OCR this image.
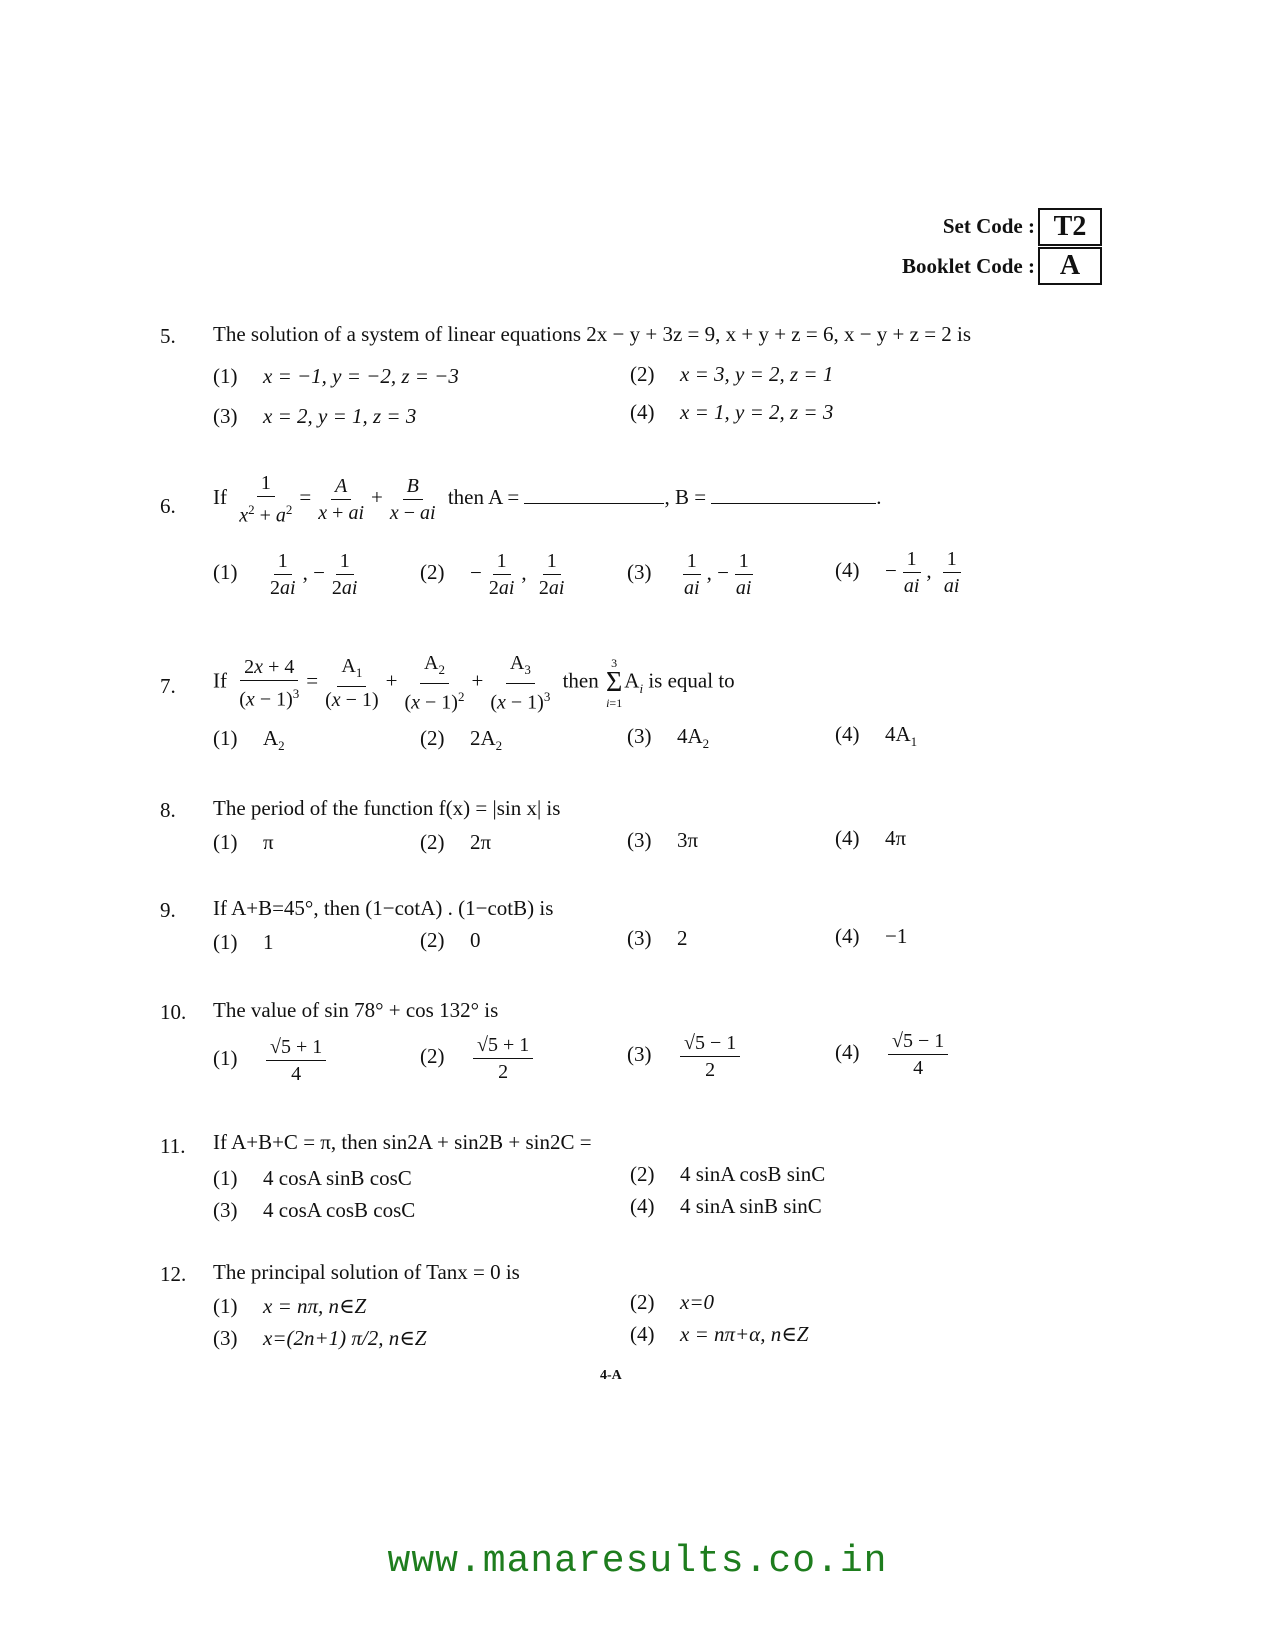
Set Code : T2
Booklet Code : A
5. The solution of a system of linear equations 2x − y + 3z = 9, x + y + z = 6, x − y + z = 2 is
(1) x = −1, y = −2, z = −3	(2) x = 3, y = 2, z = 1
(3) x = 2, y = 1, z = 3	(4) x = 1, y = 2, z = 3
6. If $\frac{1}{x^2 + a^2} = \frac{A}{x + ai} + \frac{B}{x - ai}$ then A =	, B =	.
$(1) \frac{1}{2ai}$ , − $\frac{1}{2ai}$	$(2) - \frac{1}{2ai}$ , $\frac{1}{2ai}$	$(3) \frac{1}{ai}$ , − $\frac{1}{ai}$	$(4) - \frac{1}{ai}$ , $\frac{1}{ai}$
7. If $\frac{2x + 4}{(x - 1)^3} = \frac{A_1}{(x - 1)} + \frac{A_2}{(x - 1)^2} + \frac{A_3}{(x - 1)^3}$ then
3
Σ
i=1
$A_i$ is equal to
(1) $A_2$	(2) $2A_2$	(3) $4A_2$	(4) $4A_1$
8. The period of the function f(x) = |sin x| is
(1) π	(2) 2π	(3) 3π	(4) 4π
9. If A+B=45°, then (1−cotA) . (1−cotB) is
(1) 1	(2) 0	(3) 2	(4) −1
10. The value of sin 78° + cos 132° is
$(1) \frac{√5 + 1}{4}$	$(2) \frac{√5 + 1}{2}$	$(3) \frac{√5 - 1}{2}$	$(4) \frac{√5 - 1}{4}$
11. If A+B+C = π, then sin2A + sin2B + sin2C =
(1) 4 cosA sinB cosC	(2) 4 sinA cosB sinC
(3) 4 cosA cosB cosC	(4) 4 sinA sinB sinC
12. The principal solution of Tanx = 0 is
(1) x = nπ, n∈Z	(2) x=0
(3) x=(2n+1) π/2, n∈Z	(4) x = nπ+α, n∈Z
4-A
www.manaresults.co.in
